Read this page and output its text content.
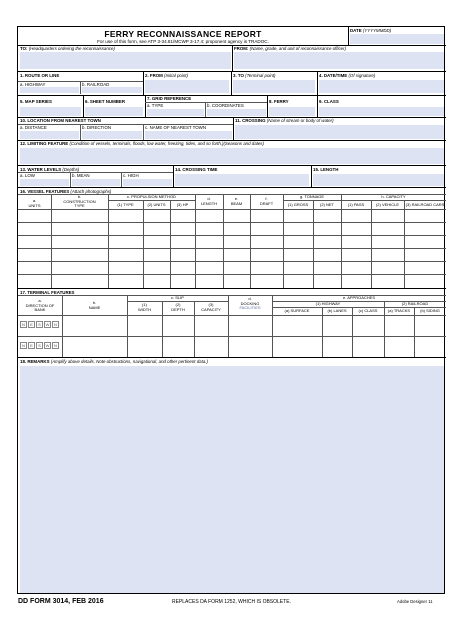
FERRY RECONNAISSANCE REPORT
For use of this form, see ATP 3-34.81/MCWP 3-17.4; proponent agency is TRADOC.
DATE (YYYYMMDD)
TO: (Headquarters ordering the reconnaissance)	FROM: (Name, grade, and unit of reconnaissance officer)
1. ROUTE OR LINE
a. HIGHWAY	b. RAILROAD
2. FROM (Initial point)	3. TO (Terminal point)	4. DATE/TIME (Of signature)
5. MAP SERIES	6. SHEET NUMBER
7. GRID REFERENCE
a. TYPE	b. COORDINATES
8. FERRY	9. CLASS
10. LOCATION FROM NEAREST TOWN
a. DISTANCE	b. DIRECTION	c. NAME OF NEAREST TOWN
11. CROSSING (Name of stream or body of water)
12. LIMITING FEATURE (Condition of vessels, terminals, floods, low water, freezing, tides, and so forth.)(Seasons and dates)
13. WATER LEVELS (Depths)
a. LOW	b. MEAN	c. HIGH
14. CROSSING TIME	15. LENGTH
16. VESSEL FEATURES (Attach photographs)
a.
UNITS
b.
CONSTRUCTION
TYPE
c. PROPULSION METHOD
(1) TYPE	(2) UNITS	(3) HP
d.
LENGTH
e.
BEAM
f.
DRAFT
g. TONNAGE
(1) GROSS	(2) NET
h. CAPACITY
(1) PASS	(2) VEHICLE	(3) RAILROAD CARS
17. TERMINAL FEATURES
a.
DIRECTION OF
BANK
b.
NAME
c. SLIP
(1)
WIDTH
(2)
DEPTH
(3)
CAPACITY
d.
DOCKING
FACILITIES
e. APPROACHES
(1) HIGHWAY	(2) RAILROAD
(a) SURFACE	(b) LANES	(c) CLASS	(a) TRACKS	(b) SIDING
N	E	S	W	N
N	E	S	W	N
18. REMARKS (Amplify above details. Note obstructions, navigational, and other pertinent data.)
DD FORM 3014, FEB 2016	REPLACES DA FORM 1252, WHICH IS OBSOLETE.	Adobe Designer 11
